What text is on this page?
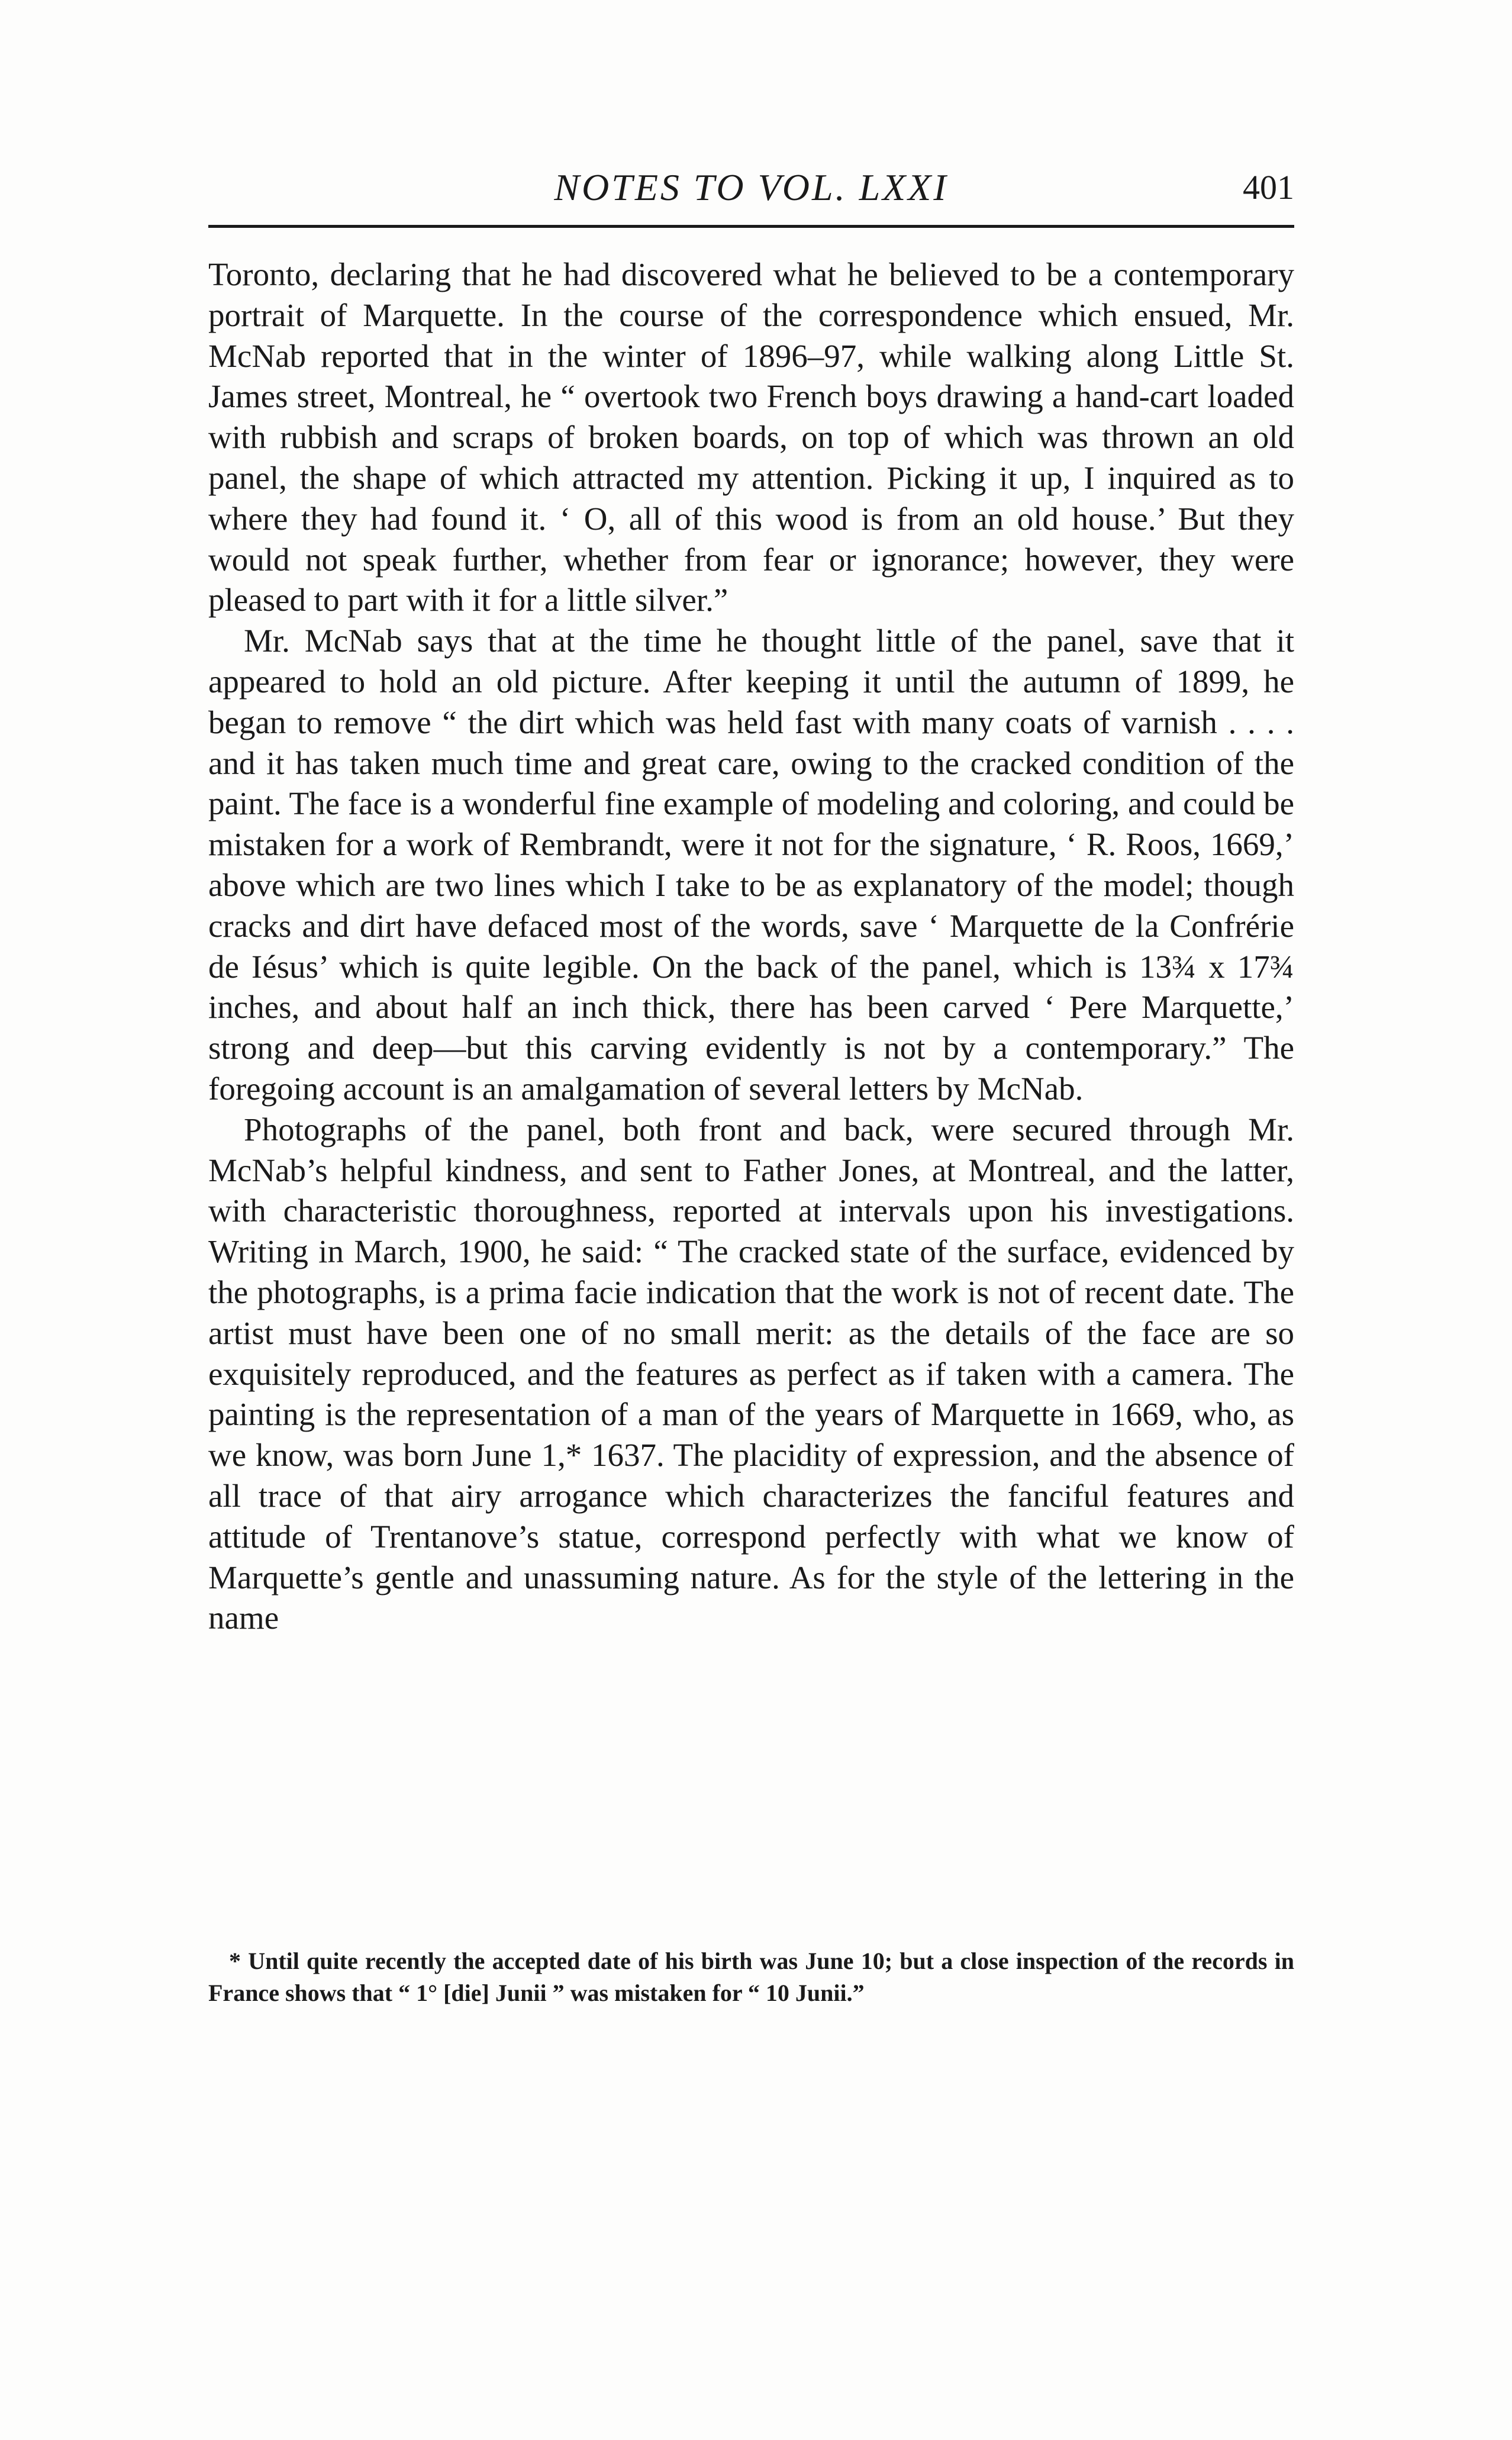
NOTES TO VOL. LXXI	401

Toronto, declaring that he had discovered what he believed to be a contemporary portrait of Marquette. In the course of the correspondence which ensued, Mr. McNab reported that in the winter of 1896–97, while walking along Little St. James street, Montreal, he “ overtook two French boys drawing a hand-cart loaded with rubbish and scraps of broken boards, on top of which was thrown an old panel, the shape of which attracted my attention. Picking it up, I inquired as to where they had found it. ‘ O, all of this wood is from an old house.’ But they would not speak further, whether from fear or ignorance; however, they were pleased to part with it for a little silver.”

Mr. McNab says that at the time he thought little of the panel, save that it appeared to hold an old picture. After keeping it until the autumn of 1899, he began to remove “ the dirt which was held fast with many coats of varnish . . . . and it has taken much time and great care, owing to the cracked condition of the paint. The face is a wonderful fine example of modeling and coloring, and could be mistaken for a work of Rembrandt, were it not for the signature, ‘ R. Roos, 1669,’ above which are two lines which I take to be as explanatory of the model; though cracks and dirt have defaced most of the words, save ‘ Marquette de la Confrérie de Iésus’ which is quite legible. On the back of the panel, which is 13¾ x 17¾ inches, and about half an inch thick, there has been carved ‘ Pere Marquette,’ strong and deep—but this carving evidently is not by a contemporary.” The foregoing account is an amalgamation of several letters by McNab.

Photographs of the panel, both front and back, were secured through Mr. McNab’s helpful kindness, and sent to Father Jones, at Montreal, and the latter, with characteristic thoroughness, reported at intervals upon his investigations. Writing in March, 1900, he said: “ The cracked state of the surface, evidenced by the photographs, is a prima facie indication that the work is not of recent date. The artist must have been one of no small merit: as the details of the face are so exquisitely reproduced, and the features as perfect as if taken with a camera. The painting is the representation of a man of the years of Marquette in 1669, who, as we know, was born June 1,* 1637. The placidity of expression, and the absence of all trace of that airy arrogance which characterizes the fanciful features and attitude of Trentanove’s statue, correspond perfectly with what we know of Marquette’s gentle and unassuming nature. As for the style of the lettering in the name

* Until quite recently the accepted date of his birth was June 10; but a close inspection of the records in France shows that “ 1° [die] Junii ” was mistaken for “ 10 Junii.”
